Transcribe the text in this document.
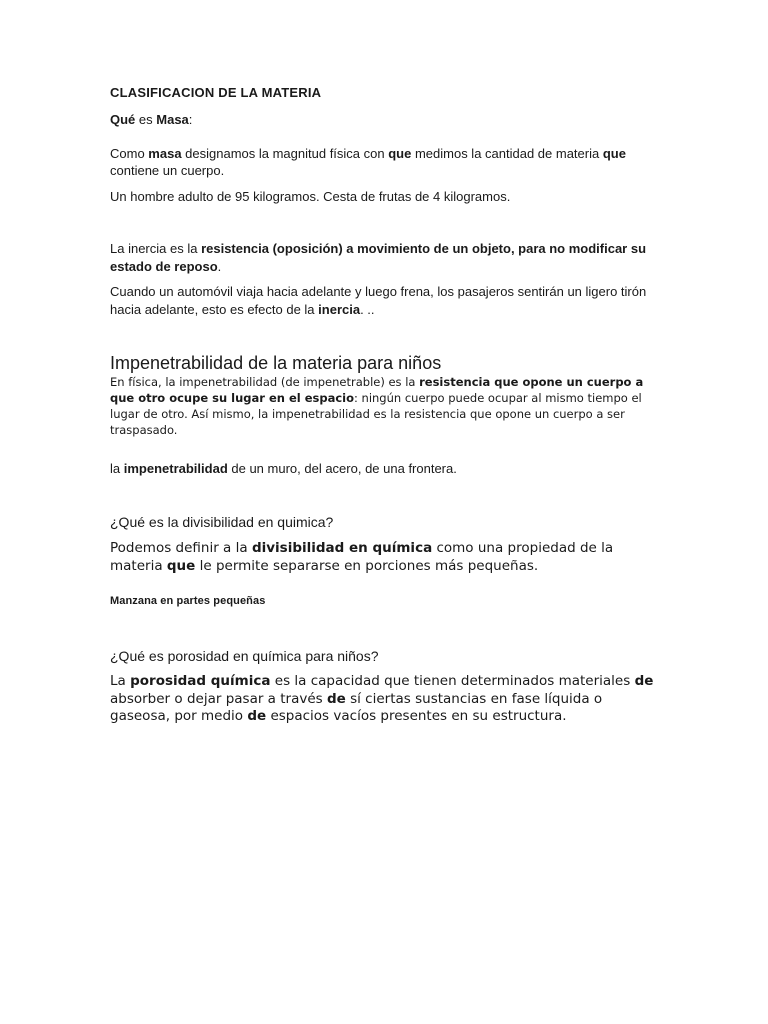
CLASIFICACION DE LA MATERIA

Qué es Masa:

Como masa designamos la magnitud física con que medimos la cantidad de materia que contiene un cuerpo.

Un hombre adulto de 95 kilogramos. Cesta de frutas de 4 kilogramos.

La inercia es la resistencia (oposición) a movimiento de un objeto, para no modificar su estado de reposo.

Cuando un automóvil viaja hacia adelante y luego frena, los pasajeros sentirán un ligero tirón hacia adelante, esto es efecto de la inercia. ..

Impenetrabilidad de la materia para niños

En física, la impenetrabilidad (de impenetrable) es la resistencia que opone un cuerpo a que otro ocupe su lugar en el espacio: ningún cuerpo puede ocupar al mismo tiempo el lugar de otro. Así mismo, la impenetrabilidad es la resistencia que opone un cuerpo a ser traspasado.

la impenetrabilidad de un muro, del acero, de una frontera.

¿Qué es la divisibilidad en quimica?

Podemos definir a la divisibilidad en química como una propiedad de la materia que le permite separarse en porciones más pequeñas.

Manzana en partes pequeñas

¿Qué es porosidad en química para niños?

La porosidad química es la capacidad que tienen determinados materiales de absorber o dejar pasar a través de sí ciertas sustancias en fase líquida o gaseosa, por medio de espacios vacíos presentes en su estructura.
